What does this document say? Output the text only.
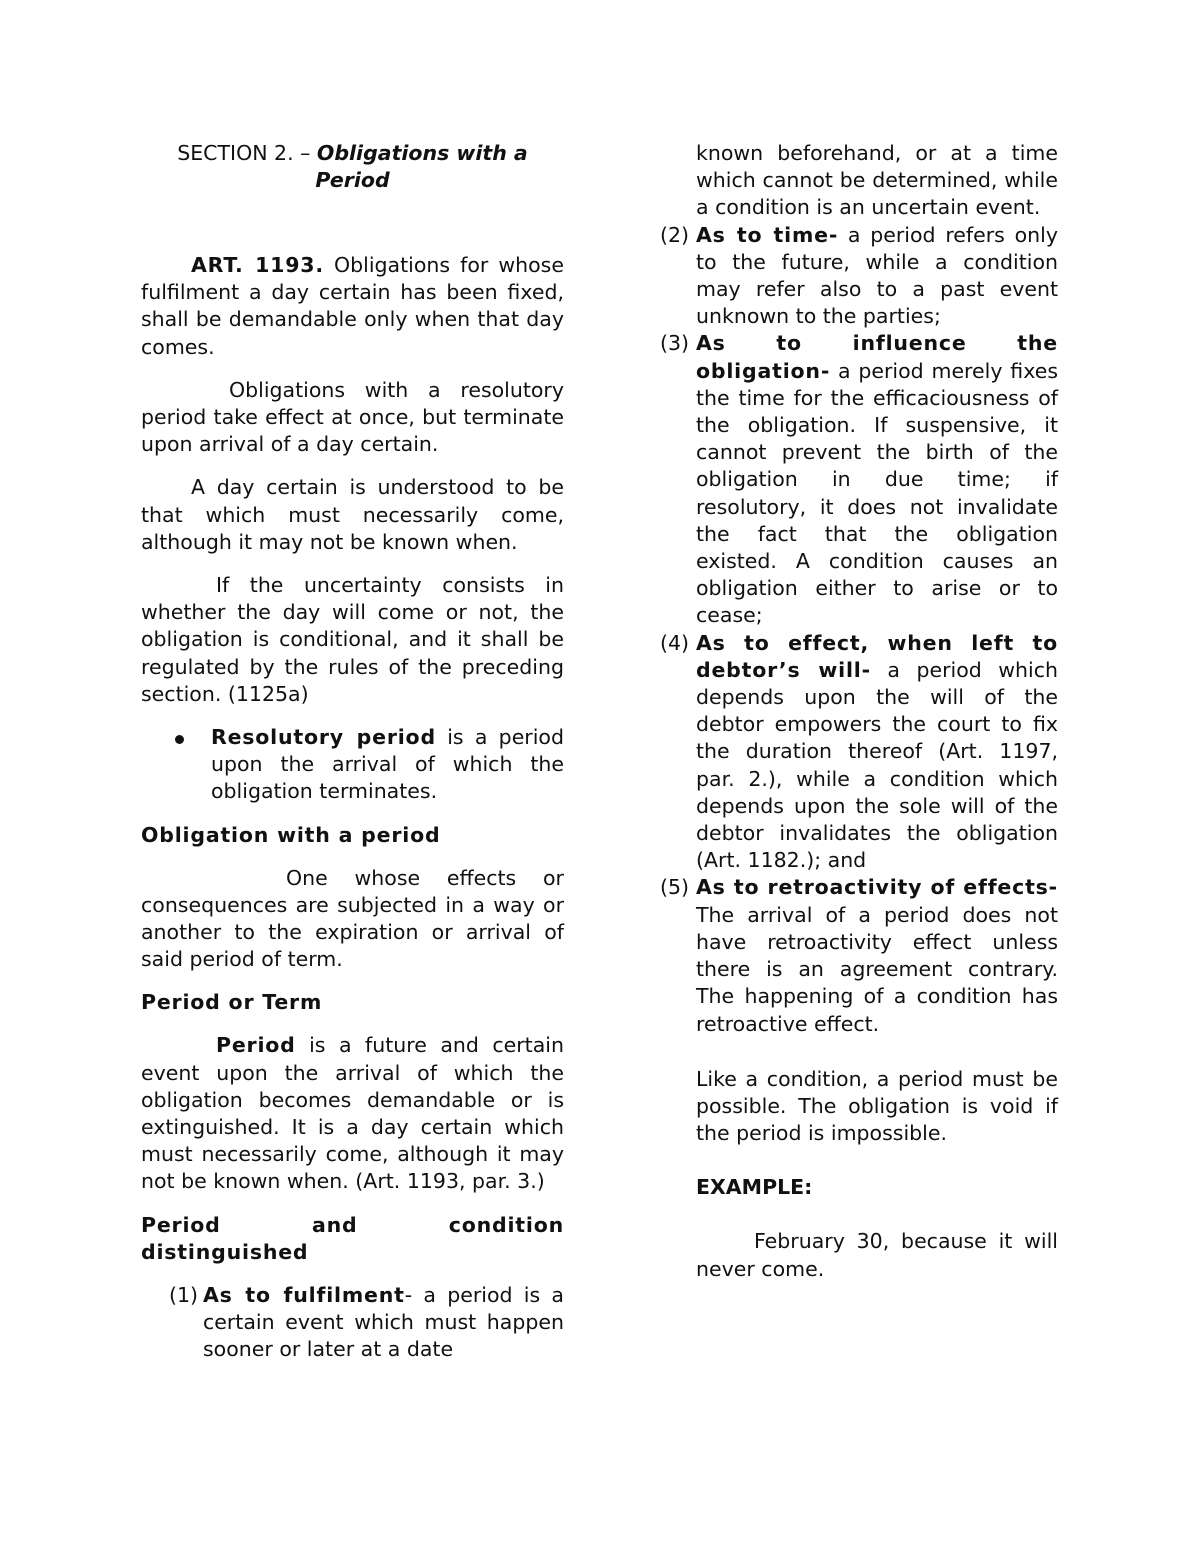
SECTION 2. – Obligations with a Period

ART. 1193. Obligations for whose fulfilment a day certain has been fixed, shall be demandable only when that day comes.

Obligations with a resolutory period take effect at once, but terminate upon arrival of a day certain.

A day certain is understood to be that which must necessarily come, although it may not be known when.

If the uncertainty consists in whether the day will come or not, the obligation is conditional, and it shall be regulated by the rules of the preceding section. (1125a)

Resolutory period is a period upon the arrival of which the obligation terminates.

Obligation with a period

One whose effects or consequences are subjected in a way or another to the expiration or arrival of said period of term.

Period or Term

Period is a future and certain event upon the arrival of which the obligation becomes demandable or is extinguished. It is a day certain which must necessarily come, although it may not be known when. (Art. 1193, par. 3.)

Period and condition distinguished

(1) As to fulfilment- a period is a certain event which must happen sooner or later at a date

known beforehand, or at a time which cannot be determined, while a condition is an uncertain event.

(2) As to time- a period refers only to the future, while a condition may refer also to a past event unknown to the parties;

(3) As to influence the obligation- a period merely fixes the time for the efficaciousness of the obligation. If suspensive, it cannot prevent the birth of the obligation in due time; if resolutory, it does not invalidate the fact that the obligation existed. A condition causes an obligation either to arise or to cease;

(4) As to effect, when left to debtor’s will- a period which depends upon the will of the debtor empowers the court to fix the duration thereof (Art. 1197, par. 2.), while a condition which depends upon the sole will of the debtor invalidates the obligation (Art. 1182.); and

(5) As to retroactivity of effects- The arrival of a period does not have retroactivity effect unless there is an agreement contrary. The happening of a condition has retroactive effect.

Like a condition, a period must be possible. The obligation is void if the period is impossible.

EXAMPLE:

February 30, because it will never come.
